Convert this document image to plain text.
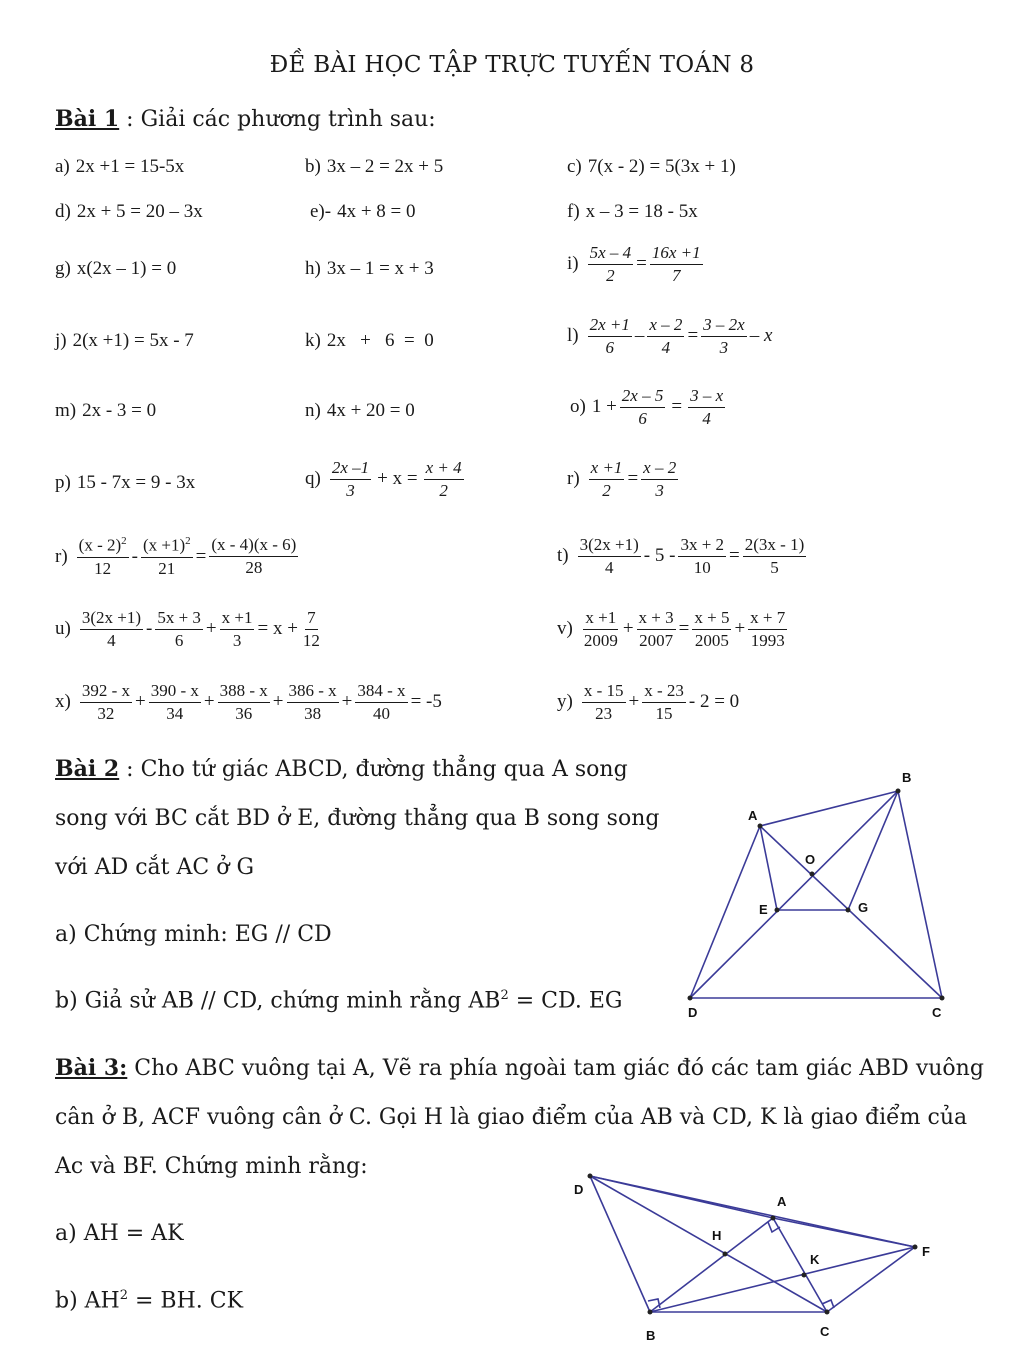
ĐỀ BÀI HỌC TẬP TRỰC TUYẾN TOÁN 8
Bài 1 : Giải các phương trình sau:
a) 2x +1 = 15-5x	b) 3x – 2 = 2x + 5	c) 7(x - 2) = 5(3x + 1)
d) 2x + 5 = 20 – 3x	e)- 4x + 8 = 0	f) x – 3 = 18 - 5x
g) x(2x – 1) = 0	h) 3x – 1 = x + 3	$i) \frac{5x - 4}{2} = \frac{16x +1}{7}$
j) 2(x +1) = 5x - 7	k) 2x   +   6  =  0	$l) \frac{2x +1}{6} - \frac{x - 2}{4} = \frac{3 - 2x}{3} - x$
m) 2x - 3 = 0	n) 4x + 20 = 0	o) $1 + \frac{2x - 5}{6} = \frac{3 - x}{4}$
p) 15 - 7x = 9 - 3x	$q) \frac{2x -1}{3} + x = \frac{x + 4}{2}$	$r) \frac{x +1}{2} = \frac{x - 2}{3}$
$r) \frac{(x - 2)^2}{12} - \frac{(x +1)^2}{21} = \frac{(x - 4)(x - 6)}{28}$	$t) \frac{3(2x +1)}{4} - 5 - \frac{3x + 2}{10} = \frac{2(3x - 1)}{5}$
$u) \frac{3(2x +1)}{4} - \frac{5x + 3}{6} + \frac{x +1}{3} = x + \frac{7}{12}$	$v) \frac{x +1}{2009} + \frac{x + 3}{2007} = \frac{x + 5}{2005} + \frac{x + 7}{1993}$
$x) \frac{392 - x}{32} + \frac{390 - x}{34} + \frac{388 - x}{36} + \frac{386 - x}{38} + \frac{384 - x}{40} = -5$	$y) \frac{x - 15}{23} + \frac{x - 23}{15} - 2 = 0$
Bài 2 : Cho tứ giác ABCD, đường thẳng qua A song
song với BC cắt BD ở E, đường thẳng qua B song song
với AD cắt AC ở G
a) Chứng minh: EG // CD
b) Giả sử AB // CD, chứng minh rằng $AB^2$ = CD. EG
A
B
C
D
E	G
O
Bài 3: Cho ABC vuông tại A, Vẽ ra phía ngoài tam giác đó các tam giác ABD vuông
cân ở B, ACF vuông cân ở C. Gọi H là giao điểm của AB và CD, K là giao điểm của
Ac và BF. Chứng minh rằng:
a) AH = AK
b) $AH^2$ = BH. CK
D
A
B	C
F
H
K
